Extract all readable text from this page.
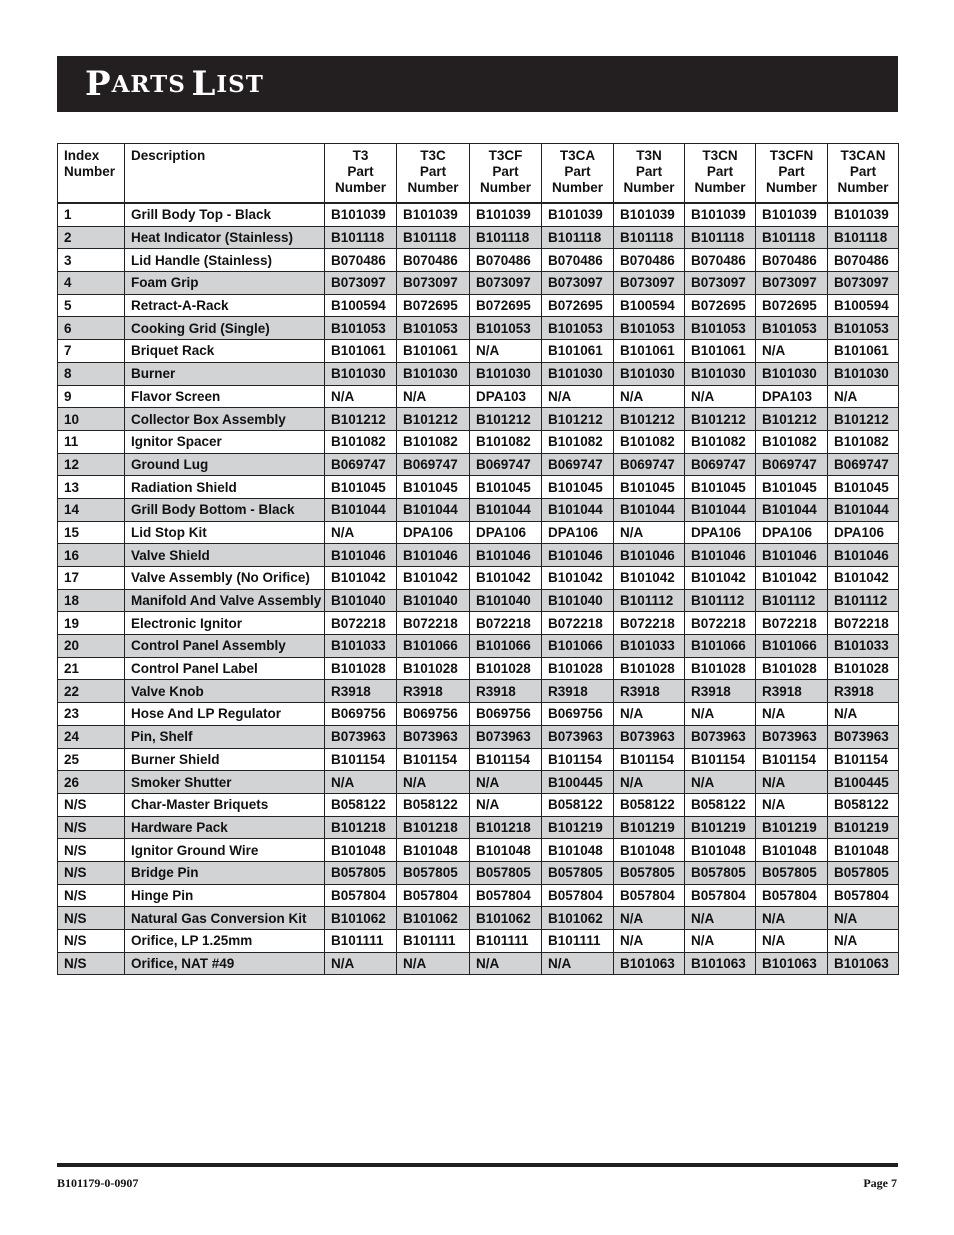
P ARTS
L IST
Index
Number	Description	T3
Part
Number	T3C
Part
Number	T3CF
Part
Number	T3CA
Part
Number	T3N
Part
Number	T3CN
Part
Number	T3CFN
Part
Number	T3CAN
Part
Number
1	Grill Body Top - Black	B101039	B101039	B101039	B101039	B101039	B101039	B101039	B101039
2	Heat Indicator (Stainless)	B101118	B101118	B101118	B101118	B101118	B101118	B101118	B101118
3	Lid Handle (Stainless)	B070486	B070486	B070486	B070486	B070486	B070486	B070486	B070486
4	Foam Grip	B073097	B073097	B073097	B073097	B073097	B073097	B073097	B073097
5	Retract-A-Rack	B100594	B072695	B072695	B072695	B100594	B072695	B072695	B100594
6	Cooking Grid (Single)	B101053	B101053	B101053	B101053	B101053	B101053	B101053	B101053
7	Briquet Rack	B101061	B101061	N/A	B101061	B101061	B101061	N/A	B101061
8	Burner	B101030	B101030	B101030	B101030	B101030	B101030	B101030	B101030
9	Flavor Screen	N/A	N/A	DPA103	N/A	N/A	N/A	DPA103	N/A
10	Collector Box Assembly	B101212	B101212	B101212	B101212	B101212	B101212	B101212	B101212
11	Ignitor Spacer	B101082	B101082	B101082	B101082	B101082	B101082	B101082	B101082
12	Ground Lug	B069747	B069747	B069747	B069747	B069747	B069747	B069747	B069747
13	Radiation Shield	B101045	B101045	B101045	B101045	B101045	B101045	B101045	B101045
14	Grill Body Bottom - Black	B101044	B101044	B101044	B101044	B101044	B101044	B101044	B101044
15	Lid Stop Kit	N/A	DPA106	DPA106	DPA106	N/A	DPA106	DPA106	DPA106
16	Valve Shield	B101046	B101046	B101046	B101046	B101046	B101046	B101046	B101046
17	Valve Assembly (No Orifice)	B101042	B101042	B101042	B101042	B101042	B101042	B101042	B101042
18	Manifold And Valve Assembly	B101040	B101040	B101040	B101040	B101112	B101112	B101112	B101112
19	Electronic Ignitor	B072218	B072218	B072218	B072218	B072218	B072218	B072218	B072218
20	Control Panel Assembly	B101033	B101066	B101066	B101066	B101033	B101066	B101066	B101033
21	Control Panel Label	B101028	B101028	B101028	B101028	B101028	B101028	B101028	B101028
22	Valve Knob	R3918	R3918	R3918	R3918	R3918	R3918	R3918	R3918
23	Hose And LP Regulator	B069756	B069756	B069756	B069756	N/A	N/A	N/A	N/A
24	Pin, Shelf	B073963	B073963	B073963	B073963	B073963	B073963	B073963	B073963
25	Burner Shield	B101154	B101154	B101154	B101154	B101154	B101154	B101154	B101154
26	Smoker Shutter	N/A	N/A	N/A	B100445	N/A	N/A	N/A	B100445
N/S	Char-Master Briquets	B058122	B058122	N/A	B058122	B058122	B058122	N/A	B058122
N/S	Hardware Pack	B101218	B101218	B101218	B101219	B101219	B101219	B101219	B101219
N/S	Ignitor Ground Wire	B101048	B101048	B101048	B101048	B101048	B101048	B101048	B101048
N/S	Bridge Pin	B057805	B057805	B057805	B057805	B057805	B057805	B057805	B057805
N/S	Hinge Pin	B057804	B057804	B057804	B057804	B057804	B057804	B057804	B057804
N/S	Natural Gas Conversion Kit	B101062	B101062	B101062	B101062	N/A	N/A	N/A	N/A
N/S	Orifice, LP 1.25mm	B101111	B101111	B101111	B101111	N/A	N/A	N/A	N/A
N/S	Orifice, NAT #49	N/A	N/A	N/A	N/A	B101063	B101063	B101063	B101063
B101179-0-0907	Page 7
